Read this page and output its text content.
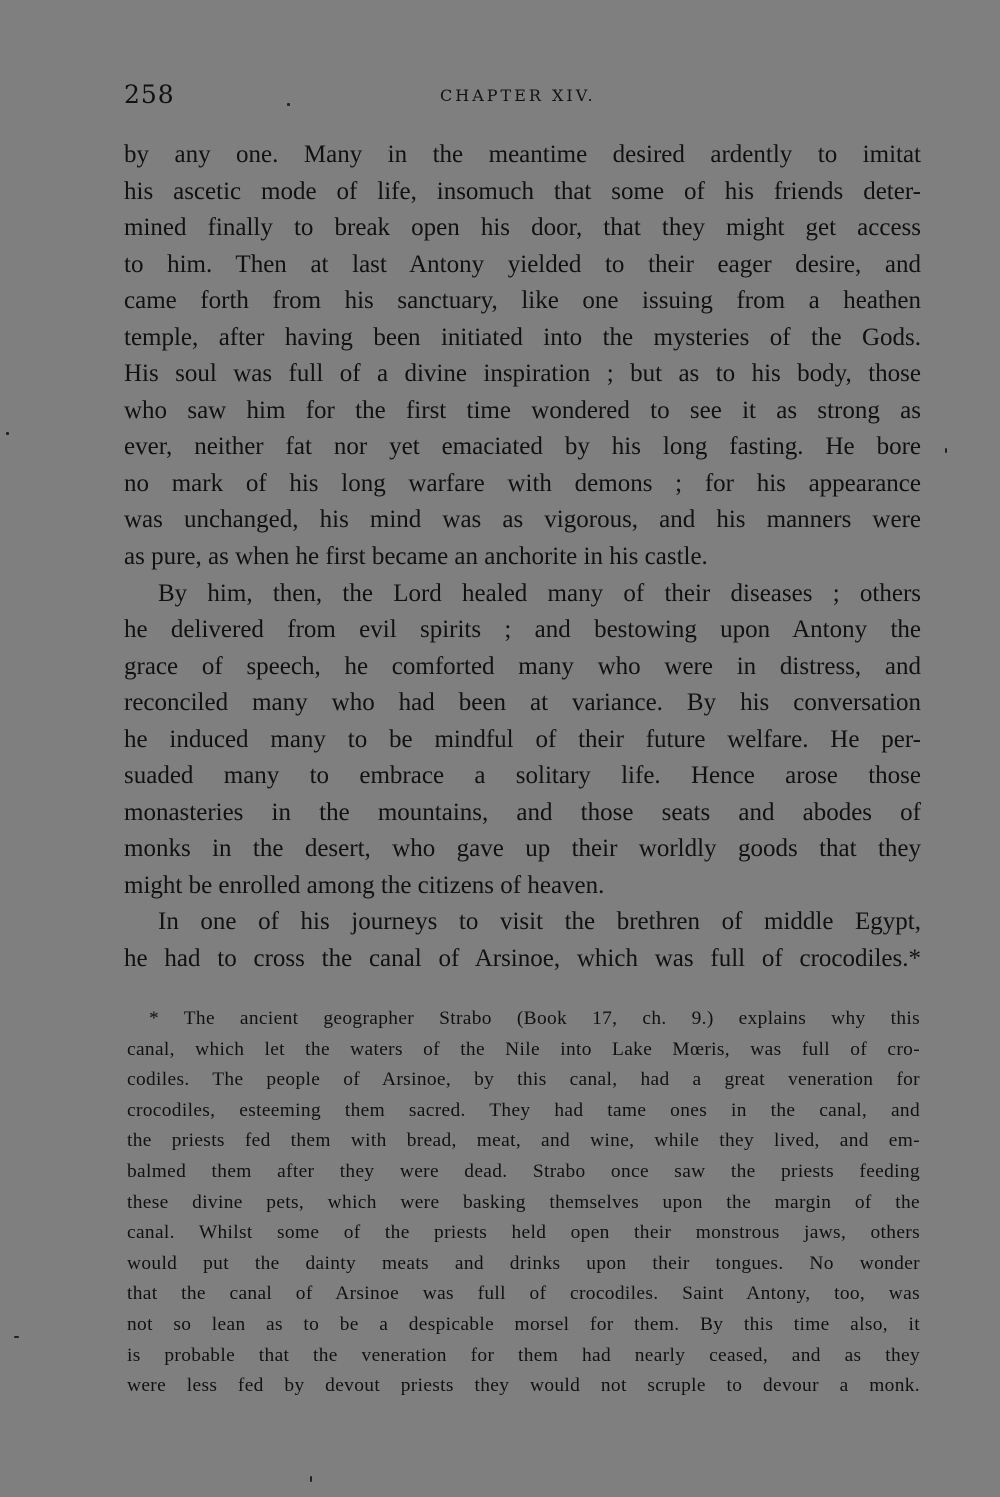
258	CHAPTER XIV.
by any one. Many in the meantime desired ardently to imitat
his ascetic mode of life, insomuch that some of his friends deter-
mined finally to break open his door, that they might get access
to him. Then at last Antony yielded to their eager desire, and
came forth from his sanctuary, like one issuing from a heathen
temple, after having been initiated into the mysteries of the Gods.
His soul was full of a divine inspiration ; but as to his body, those
who saw him for the first time wondered to see it as strong as
ever, neither fat nor yet emaciated by his long fasting. He bore
no mark of his long warfare with demons ; for his appearance
was unchanged, his mind was as vigorous, and his manners were
as pure, as when he first became an anchorite in his castle.
By him, then, the Lord healed many of their diseases ; others
he delivered from evil spirits ; and bestowing upon Antony the
grace of speech, he comforted many who were in distress, and
reconciled many who had been at variance. By his conversation
he induced many to be mindful of their future welfare. He per-
suaded many to embrace a solitary life. Hence arose those
monasteries in the mountains, and those seats and abodes of
monks in the desert, who gave up their worldly goods that they
might be enrolled among the citizens of heaven.
In one of his journeys to visit the brethren of middle Egypt,
he had to cross the canal of Arsinoe, which was full of crocodiles.*
* The ancient geographer Strabo (Book 17, ch. 9.) explains why this
canal, which let the waters of the Nile into Lake Mœris, was full of cro-
codiles. The people of Arsinoe, by this canal, had a great veneration for
crocodiles, esteeming them sacred. They had tame ones in the canal, and
the priests fed them with bread, meat, and wine, while they lived, and em-
balmed them after they were dead. Strabo once saw the priests feeding
these divine pets, which were basking themselves upon the margin of the
canal. Whilst some of the priests held open their monstrous jaws, others
would put the dainty meats and drinks upon their tongues. No wonder
that the canal of Arsinoe was full of crocodiles. Saint Antony, too, was
not so lean as to be a despicable morsel for them. By this time also, it
is probable that the veneration for them had nearly ceased, and as they
were less fed by devout priests they would not scruple to devour a monk.
